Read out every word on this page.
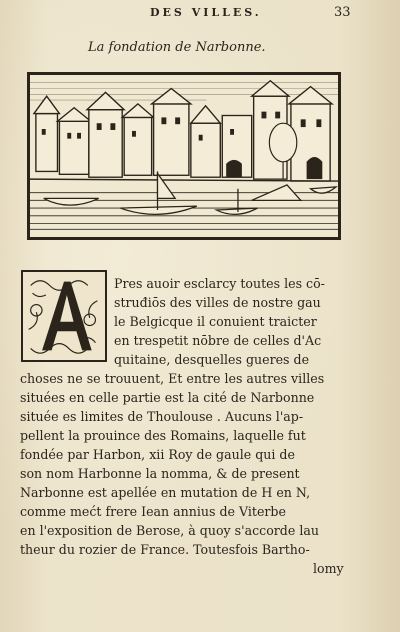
DES VILLES.	33
La fondation de Narbonne.
Pres auoir esclarcy toutes les cō-
struđiōs des villes de nostre gau
le Belgicque il conuient traicter
en trespetit nōbre de celles d'Ac
quitaine, desquelles gueres de
choses ne se trouuent, Et entre les autres villes
situées en celle partie est la cité de Narbonne
située es limites de Thoulouse . Aucuns l'ap-
pellent la prouince des Romains, laquelle fut
fondée par Harbon, xii Roy de gaule qui de
son nom Harbonne la nomma, & de present
Narbonne est apellée en mutation de H en N,
comme mećt frere Iean annius de Viterbe
en l'exposition de Berose, à quoy s'accorde lau
theur du rozier de France. Toutesfois Bartho-
lomy
